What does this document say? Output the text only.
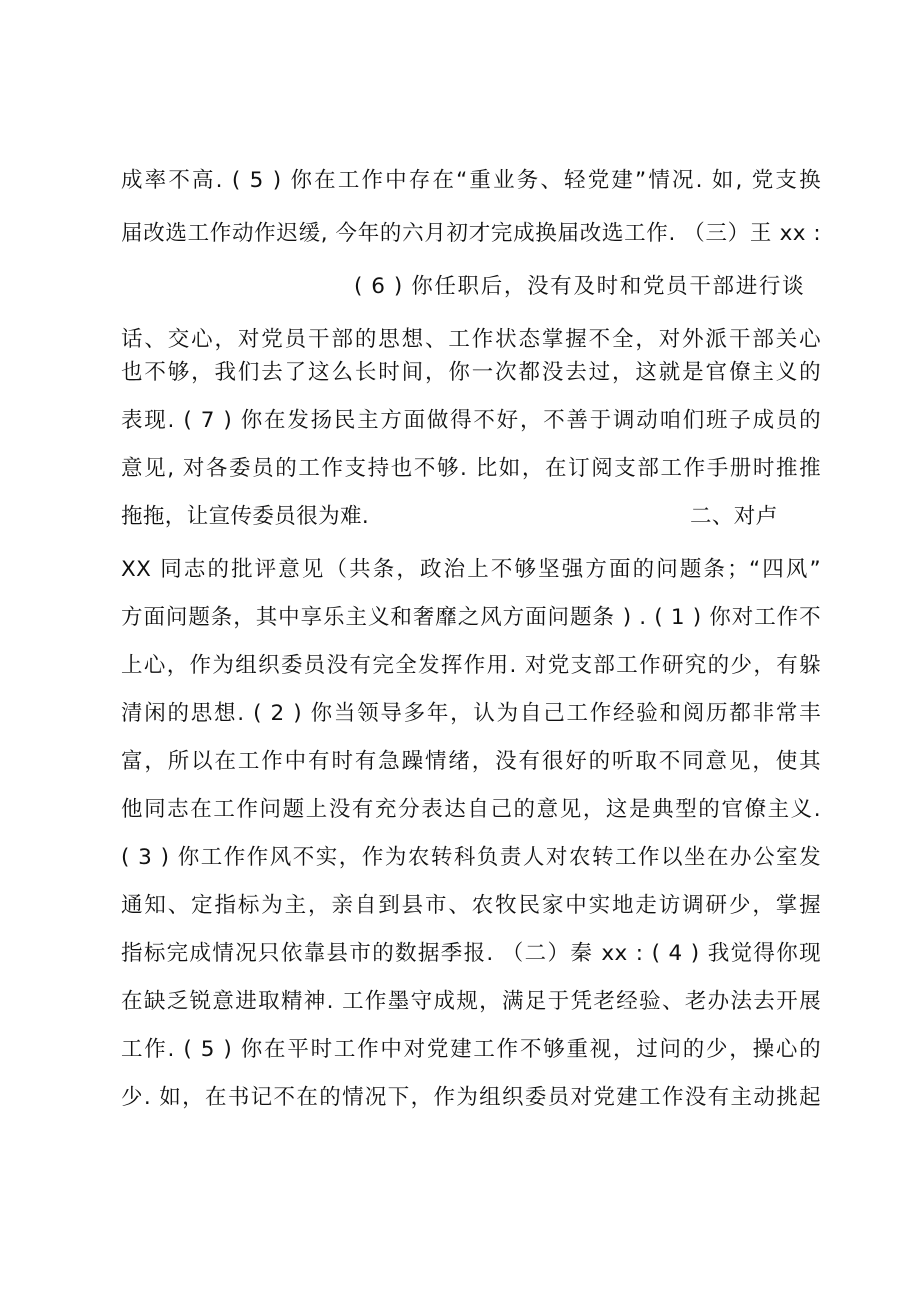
成率不高. ( 5 ) 你在工作中存在“重业务、轻党建”情况. 如, 党支换
届改选工作动作迟缓, 今年的六月初才完成换届改选工作. （三）王 xx :
( 6 ) 你任职后，没有及时和党员干部进行谈
话、交心，对党员干部的思想、工作状态掌握不全，对外派干部关心
也不够，我们去了这么长时间，你一次都没去过，这就是官僚主义的
表现. ( 7 ) 你在发扬民主方面做得不好，不善于调动咱们班子成员的
意见, 对各委员的工作支持也不够. 比如，在订阅支部工作手册时推推
拖拖，让宣传委员很为难.	二、对卢
XX 同志的批评意见（共条，政治上不够坚强方面的问题条；“四风”
方面问题条，其中享乐主义和奢靡之风方面问题条 ) . ( 1 ) 你对工作不
上心，作为组织委员没有完全发挥作用. 对党支部工作研究的少，有躲
清闲的思想. ( 2 ) 你当领导多年，认为自己工作经验和阅历都非常丰
富，所以在工作中有时有急躁情绪，没有很好的听取不同意见，使其
他同志在工作问题上没有充分表达自己的意见，这是典型的官僚主义.
( 3 ) 你工作作风不实，作为农转科负责人对农转工作以坐在办公室发
通知、定指标为主，亲自到县市、农牧民家中实地走访调研少，掌握
指标完成情况只依靠县市的数据季报. （二）秦 xx : ( 4 ) 我觉得你现
在缺乏锐意进取精神. 工作墨守成规，满足于凭老经验、老办法去开展
工作. ( 5 ) 你在平时工作中对党建工作不够重视，过问的少，操心的
少. 如，在书记不在的情况下，作为组织委员对党建工作没有主动挑起
